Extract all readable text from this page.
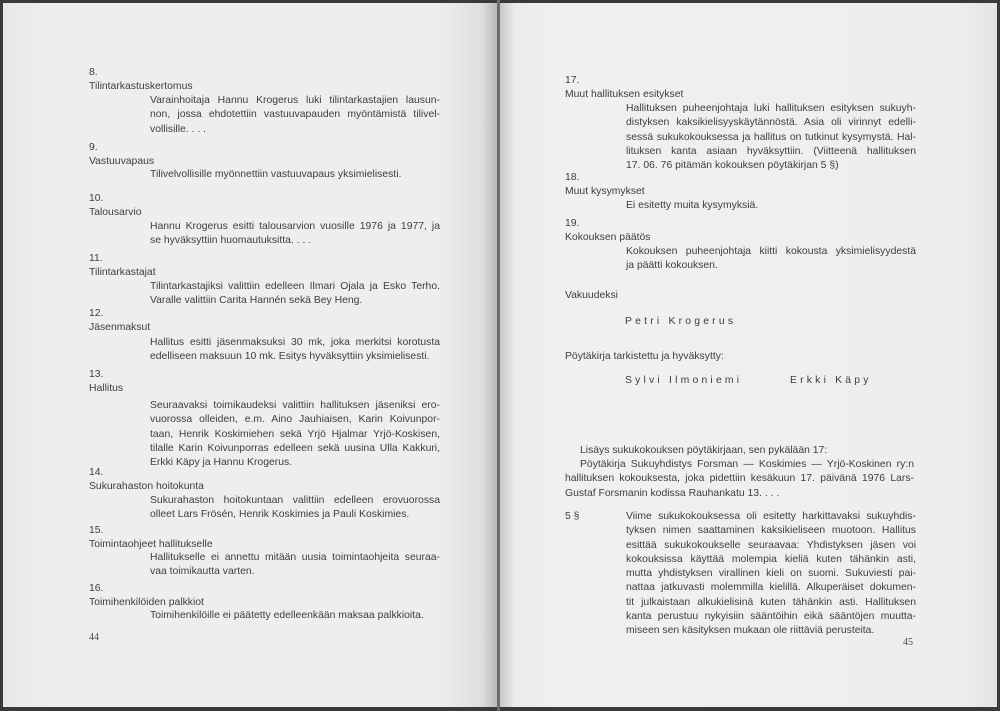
8.
Tilintarkastuskertomus
Varainhoitaja Hannu Krogerus luki tilintarkastajien lausun-
non, jossa ehdotettiin vastuuvapauden myöntämistä tilivel-
vollisille. . . .
9.
Vastuuvapaus
Tilivelvollisille myönnettiin vastuuvapaus yksimielisesti.
10.
Talousarvio
Hannu Krogerus esitti talousarvion vuosille 1976 ja 1977, ja
se hyväksyttiin huomautuksitta. . . .
11.
Tilintarkastajat
Tilintarkastajiksi valittiin edelleen Ilmari Ojala ja Esko Terho.
Varalle valittiin Carita Hannén sekä Bey Heng.
12.
Jäsenmaksut
Hallitus esitti jäsenmaksuksi 30 mk, joka merkitsi korotusta
edelliseen maksuun 10 mk. Esitys hyväksyttiin yksimielisesti.
13.
Hallitus
Seuraavaksi toimikaudeksi valittiin hallituksen jäseniksi ero-
vuorossa olleiden, e.m. Aino Jauhiaisen, Karin Koivunpor-
taan, Henrik Koskimiehen sekä Yrjö Hjalmar Yrjö-Koskisen,
tilalle Karin Koivunporras edelleen sekä uusina Ulla Kakkuri,
Erkki Käpy ja Hannu Krogerus.
14.
Sukurahaston hoitokunta
Sukurahaston hoitokuntaan valittiin edelleen erovuorossa
olleet Lars Frösén, Henrik Koskimies ja Pauli Koskimies.
15.
Toimintaohjeet hallitukselle
Hallitukselle ei annettu mitään uusia toimintaohjeita seuraa-
vaa toimikautta varten.
16.
Toimihenkilöiden palkkiot
Toimihenkilöille ei päätetty edelleenkään maksaa palkkioita.
44
17.
Muut hallituksen esitykset
Hallituksen puheenjohtaja luki hallituksen esityksen sukuyh-
distyksen kaksikielisyyskäytännöstä. Asia oli virinnyt edelli-
sessä sukukokouksessa ja hallitus on tutkinut kysymystä. Hal-
lituksen kanta asiaan hyväksyttiin. (Viitteenä hallituksen
17. 06. 76 pitämän kokouksen pöytäkirjan 5 §)
18.
Muut kysymykset
Ei esitetty muita kysymyksiä.
19.
Kokouksen päätös
Kokouksen puheenjohtaja kiitti kokousta yksimielisyydestä
ja päätti kokouksen.
Vakuudeksi
Petri Krogerus
Pöytäkirja tarkistettu ja hyväksytty:
Sylvi Ilmoniemi	Erkki Käpy
Lisäys sukukokouksen pöytäkirjaan, sen pykälään 17:
Pöytäkirja Sukuyhdistys Forsman — Koskimies — Yrjö-Koskinen ry:n
hallituksen kokouksesta, joka pidettiin kesäkuun 17. päivänä 1976 Lars-
Gustaf Forsmanin kodissa Rauhankatu 13. . . .
5 §	Viime sukukokouksessa oli esitetty harkittavaksi sukuyhdis-
tyksen nimen saattaminen kaksikieliseen muotoon. Hallitus
esittää sukukokoukselle seuraavaa: Yhdistyksen jäsen voi
kokouksissa käyttää molempia kieliä kuten tähänkin asti,
mutta yhdistyksen virallinen kieli on suomi. Sukuviesti pai-
nattaa jatkuvasti molemmilla kielillä. Alkuperäiset dokumen-
tit julkaistaan alkukielisinä kuten tähänkin asti. Hallituksen
kanta perustuu nykyisiin sääntöihin eikä sääntöjen muutta-
miseen sen käsityksen mukaan ole riittäviä perusteita.
45
